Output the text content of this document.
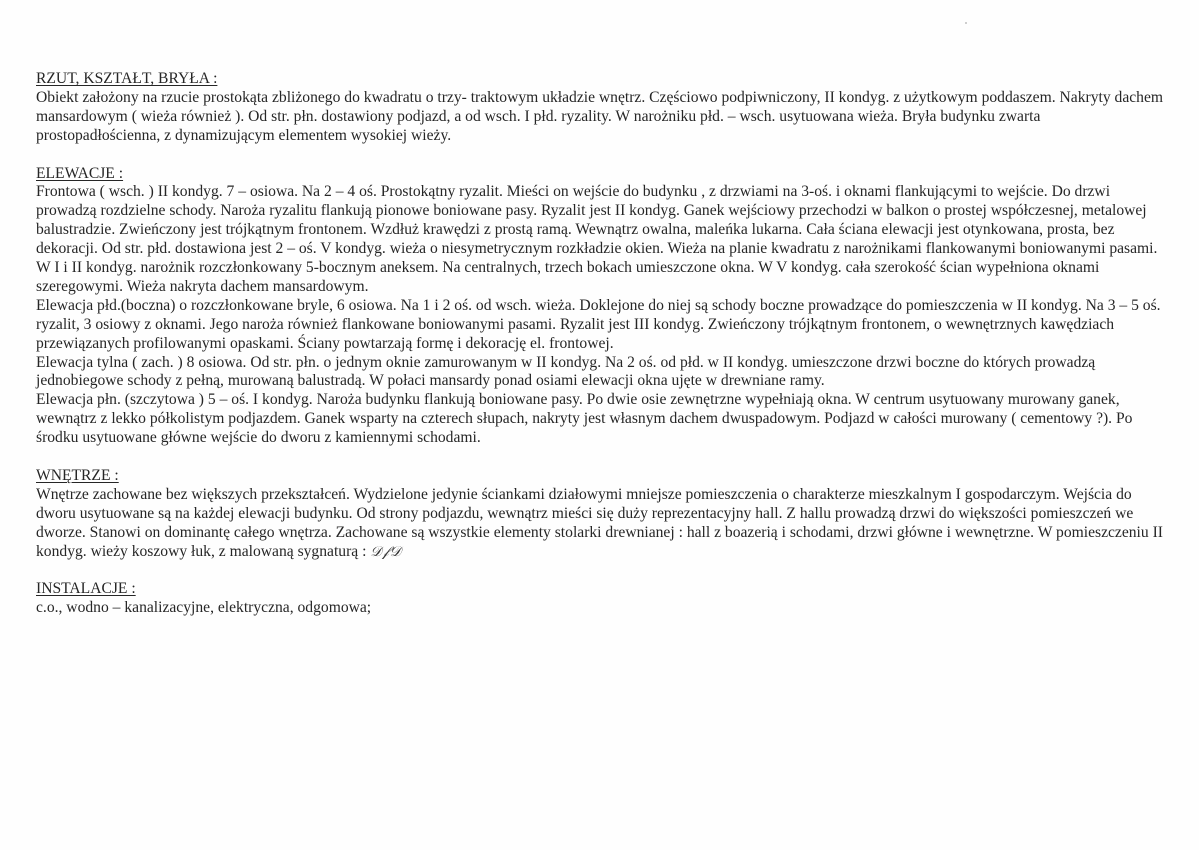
RZUT, KSZTAŁT, BRYŁA :

Obiekt założony na rzucie prostokąta zbliżonego do kwadratu o trzy- traktowym układzie wnętrz. Częściowo podpiwniczony, II kondyg. z użytkowym poddaszem. Nakryty dachem mansardowym ( wieża również ). Od str. płn. dostawiony podjazd, a od wsch. I płd. ryzality. W narożniku płd. – wsch. usytuowana wieża. Bryła budynku zwarta prostopadłościenna, z dynamizującym elementem wysokiej wieży.

ELEWACJE :

Frontowa ( wsch. ) II kondyg. 7 – osiowa. Na 2 – 4 oś. Prostokątny ryzalit. Mieści on wejście do budynku , z drzwiami na 3-oś. i oknami flankującymi to wejście. Do drzwi prowadzą rozdzielne schody. Naroża ryzalitu flankują pionowe boniowane pasy. Ryzalit jest II kondyg. Ganek wejściowy przechodzi w balkon o prostej współczesnej, metalowej balustradzie. Zwieńczony jest trójkątnym frontonem. Wzdłuż krawędzi z prostą ramą. Wewnątrz owalna, maleńka lukarna. Cała ściana elewacji jest otynkowana, prosta, bez dekoracji. Od str. płd. dostawiona jest 2 – oś. V kondyg. wieża o niesymetrycznym rozkładzie okien. Wieża na planie kwadratu z narożnikami flankowanymi boniowanymi pasami. W I i II kondyg. narożnik rozczłonkowany 5-bocznym aneksem. Na centralnych, trzech bokach umieszczone okna. W V kondyg. cała szerokość ścian wypełniona oknami szeregowymi. Wieża nakryta dachem mansardowym.

Elewacja płd.(boczna) o rozczłonkowane bryle, 6 osiowa. Na 1 i 2 oś. od wsch. wieża. Doklejone do niej są schody boczne prowadzące do pomieszczenia w II kondyg. Na 3 – 5 oś. ryzalit, 3 osiowy z oknami. Jego naroża również flankowane boniowanymi pasami. Ryzalit jest III kondyg. Zwieńczony trójkątnym frontonem, o wewnętrznych kawędziach przewiązanych profilowanymi opaskami. Ściany powtarzają formę i dekorację el. frontowej.

Elewacja tylna ( zach. ) 8 osiowa. Od str. płn. o jednym oknie zamurowanym w II kondyg. Na 2 oś. od płd. w II kondyg. umieszczone drzwi boczne do których prowadzą jednobiegowe schody z pełną, murowaną balustradą. W połaci mansardy ponad osiami elewacji okna ujęte w drewniane ramy.

Elewacja płn. (szczytowa ) 5 – oś. I kondyg. Naroża budynku flankują boniowane pasy. Po dwie osie zewnętrzne wypełniają okna. W centrum usytuowany murowany ganek, wewnątrz z lekko półkolistym podjazdem. Ganek wsparty na czterech słupach, nakryty jest własnym dachem dwuspadowym. Podjazd w całości murowany ( cementowy ?). Po środku usytuowane główne wejście do dworu z kamiennymi schodami.

WNĘTRZE :

Wnętrze zachowane bez większych przekształceń. Wydzielone jedynie ściankami działowymi mniejsze pomieszczenia o charakterze mieszkalnym I gospodarczym. Wejścia do dworu usytuowane są na każdej elewacji budynku. Od strony podjazdu, wewnątrz mieści się duży reprezentacyjny hall. Z hallu prowadzą drzwi do większości pomieszczeń we dworze. Stanowi on dominantę całego wnętrza. Zachowane są wszystkie elementy stolarki drewnianej : hall z boazerią i schodami, drzwi główne i wewnętrzne. W pomieszczeniu II kondyg. wieży koszowy łuk, z malowaną sygnaturą : 𝒟𝒻𝒟

INSTALACJE :

c.o., wodno – kanalizacyjne, elektryczna, odgomowa;
